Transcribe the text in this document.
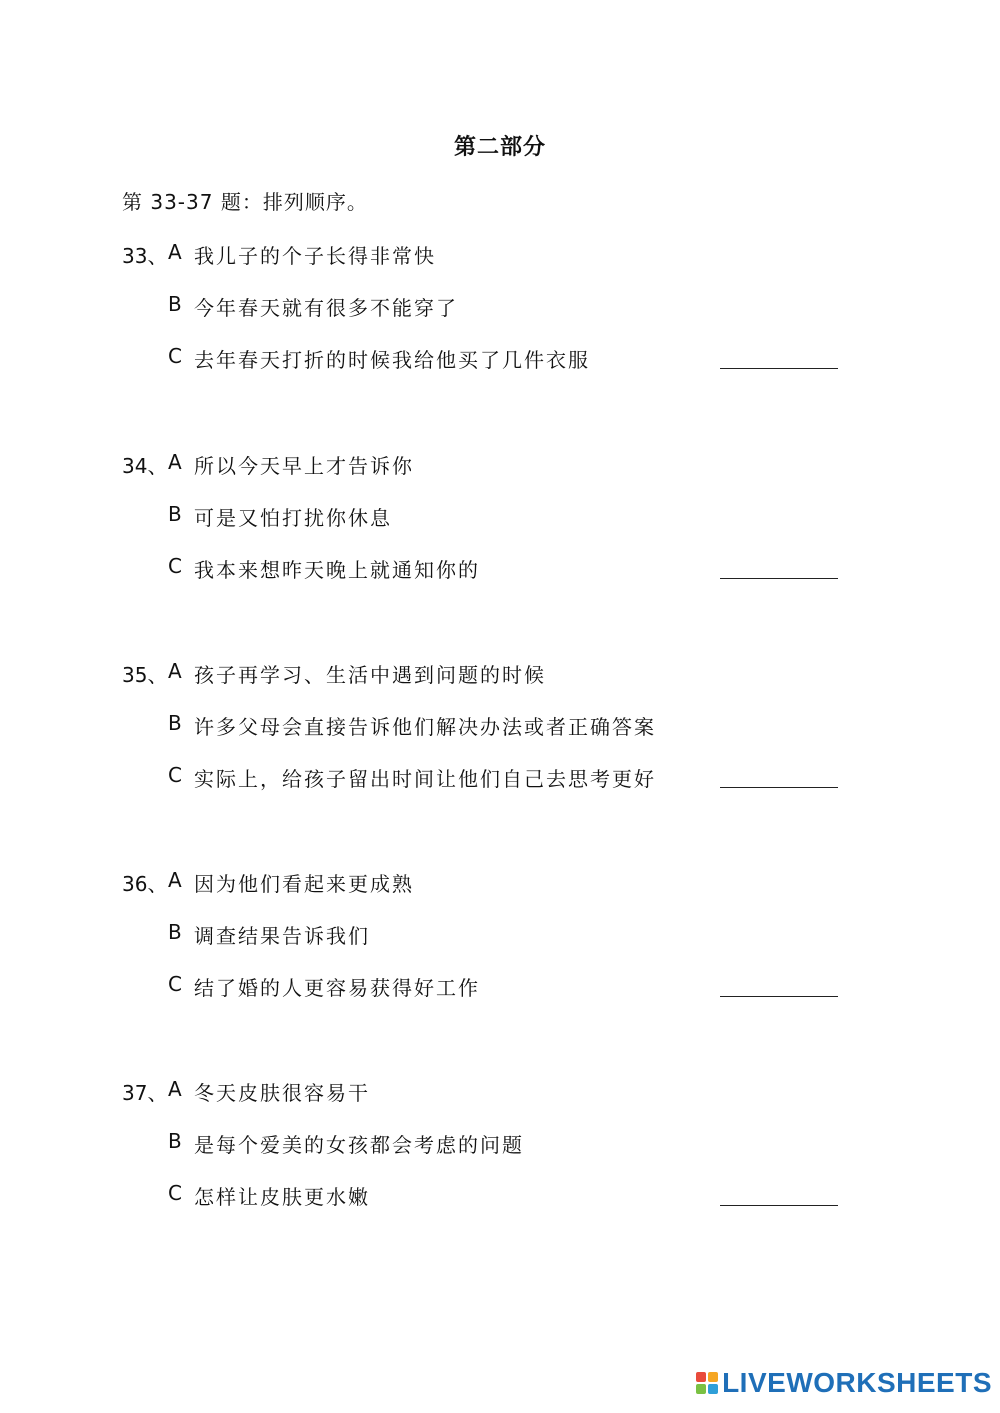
第二部分
第 33-37 题：排列顺序。
33、 A 我儿子的个子长得非常快
B 今年春天就有很多不能穿了
C 去年春天打折的时候我给他买了几件衣服
34、 A 所以今天早上才告诉你
B 可是又怕打扰你休息
C 我本来想昨天晚上就通知你的
35、 A 孩子再学习、生活中遇到问题的时候
B 许多父母会直接告诉他们解决办法或者正确答案
C 实际上，给孩子留出时间让他们自己去思考更好
36、 A 因为他们看起来更成熟
B 调查结果告诉我们
C 结了婚的人更容易获得好工作
37、 A 冬天皮肤很容易干
B 是每个爱美的女孩都会考虑的问题
C 怎样让皮肤更水嫩
LIVEWORKSHEETS
